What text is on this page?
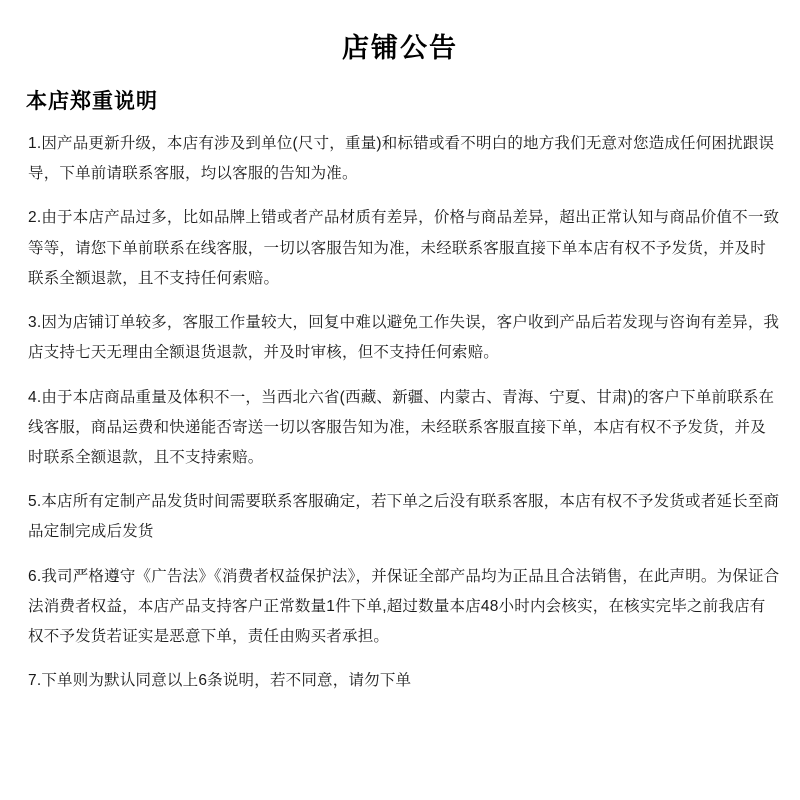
店铺公告
本店郑重说明

1.因产品更新升级，本店有涉及到单位(尺寸，重量)和标错或看不明白的地方我们无意对您造成任何困扰跟误导，下单前请联系客服，均以客服的告知为准。

2.由于本店产品过多，比如品牌上错或者产品材质有差异，价格与商品差异，超出正常认知与商品价值不一致等等，请您下单前联系在线客服，一切以客服告知为准，未经联系客服直接下单本店有权不予发货，并及时联系全额退款，且不支持任何索赔。

3.因为店铺订单较多，客服工作量较大，回复中难以避免工作失误，客户收到产品后若发现与咨询有差异，我店支持七天无理由全额退货退款，并及时审核，但不支持任何索赔。

4.由于本店商品重量及体积不一，当西北六省(西藏、新疆、内蒙古、青海、宁夏、甘肃)的客户下单前联系在线客服，商品运费和快递能否寄送一切以客服告知为准，未经联系客服直接下单，本店有权不予发货，并及时联系全额退款，且不支持索赔。

5.本店所有定制产品发货时间需要联系客服确定，若下单之后没有联系客服，本店有权不予发货或者延长至商品定制完成后发货

6.我司严格遵守《广告法》《消费者权益保护法》，并保证全部产品均为正品且合法销售，在此声明。为保证合法消费者权益，本店产品支持客户正常数量1件下单,超过数量本店48小时内会核实，在核实完毕之前我店有权不予发货若证实是恶意下单，责任由购买者承担。

7.下单则为默认同意以上6条说明，若不同意，请勿下单
